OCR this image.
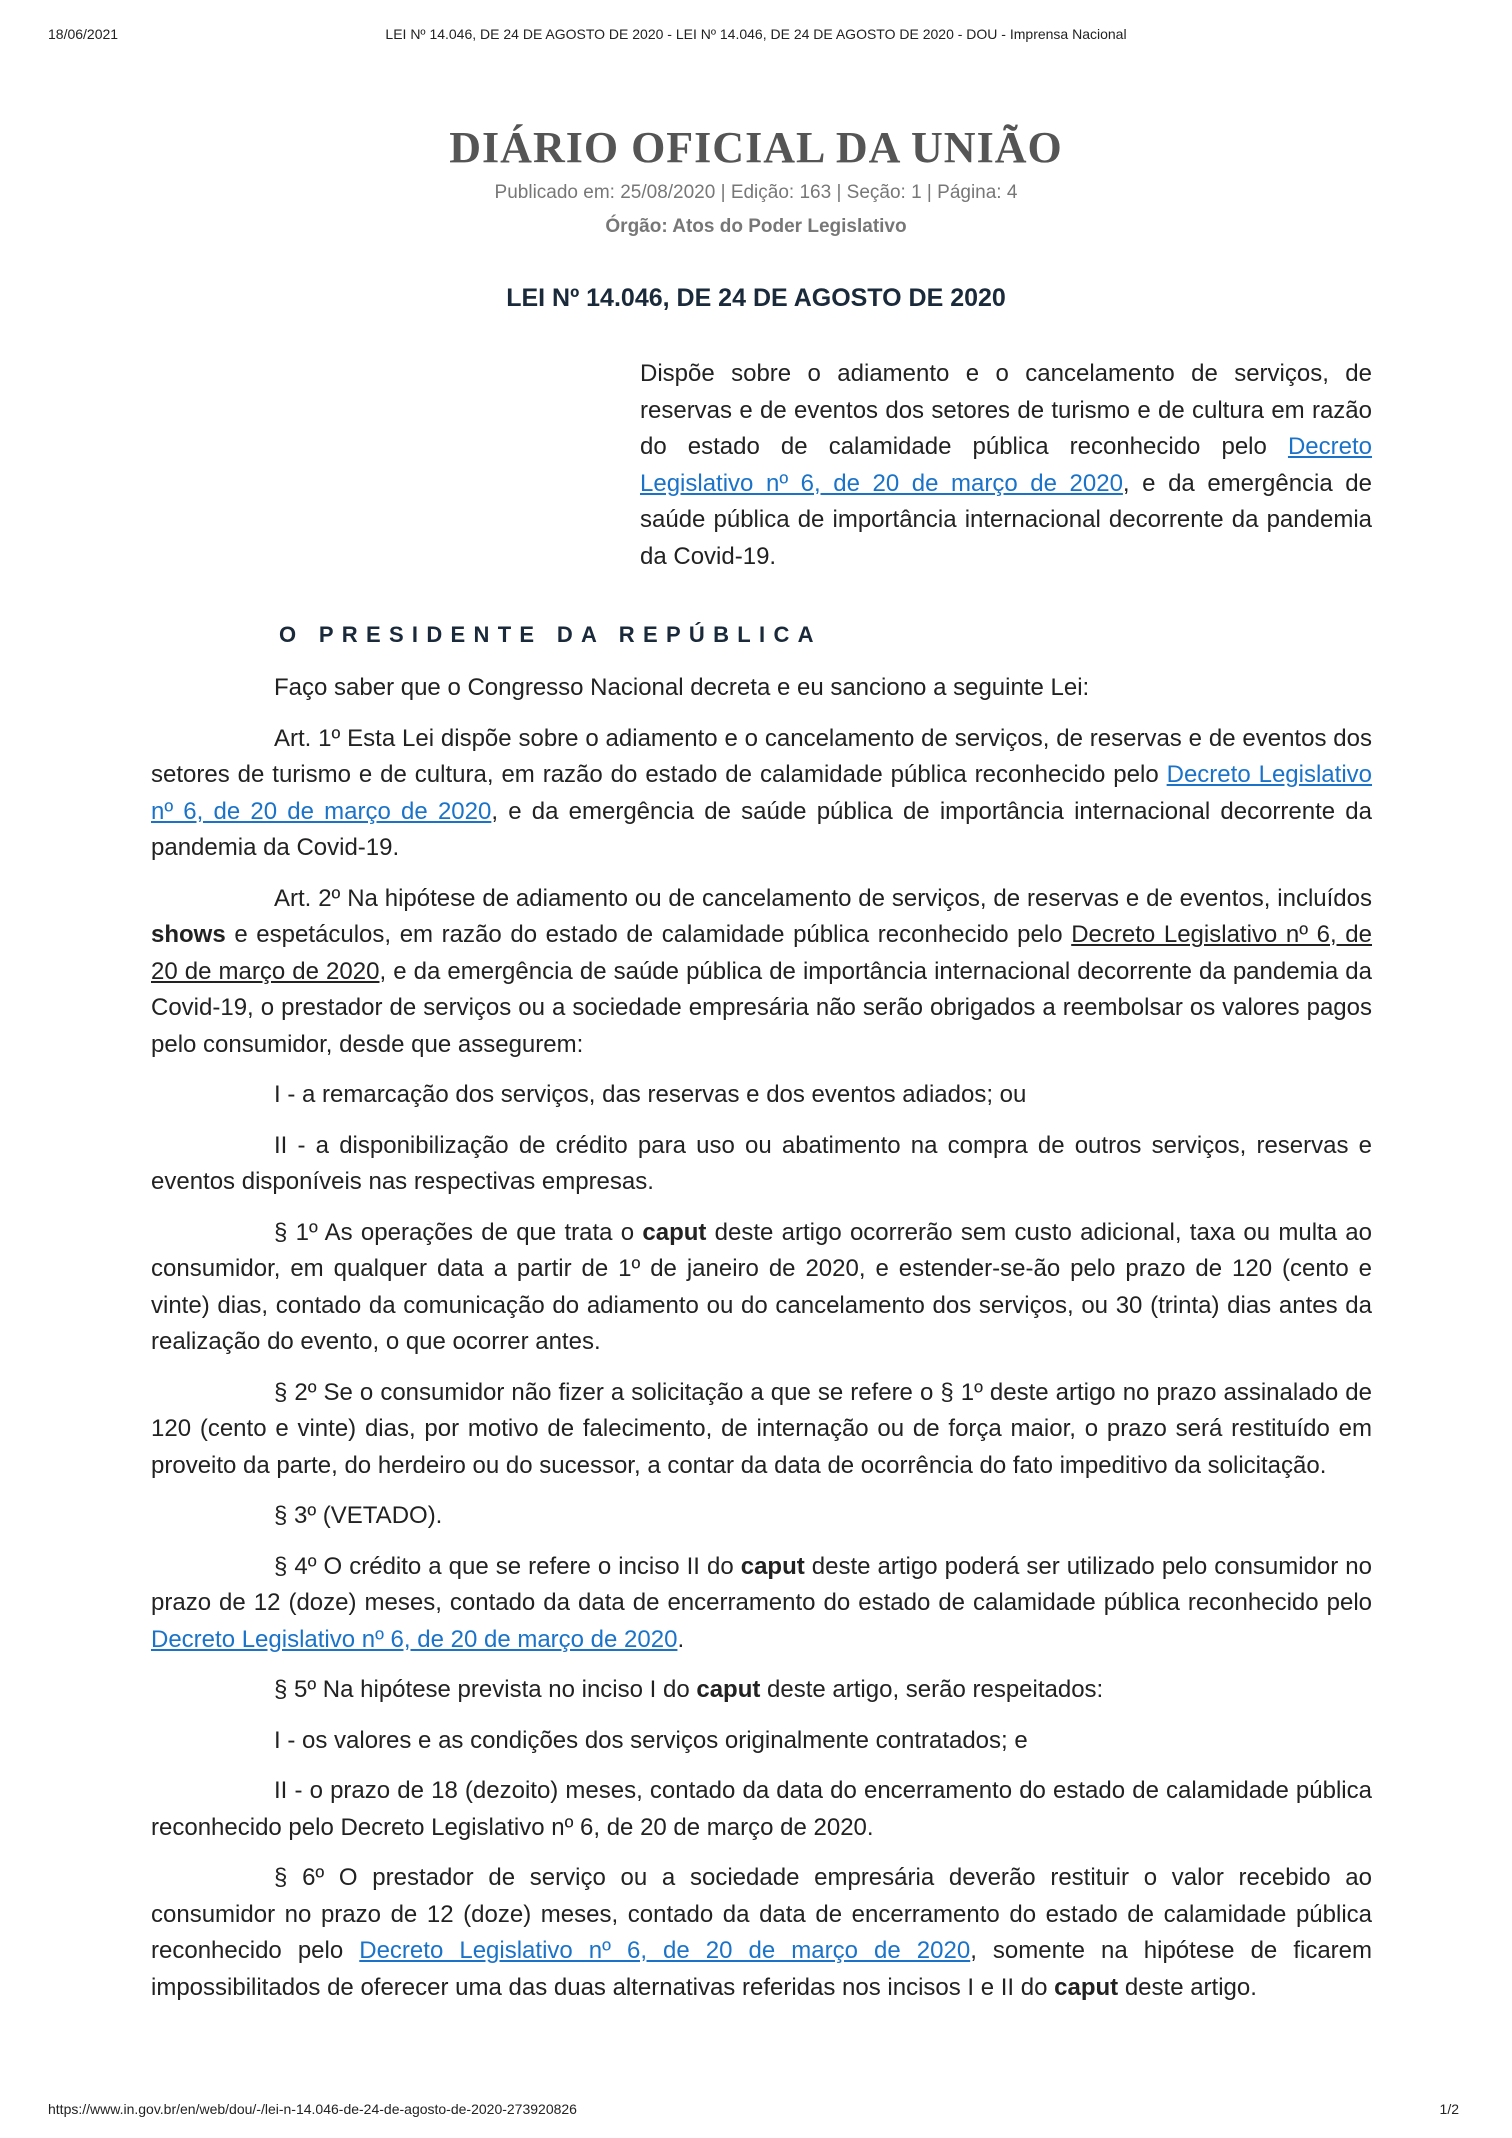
18/06/2021	LEI Nº 14.046, DE 24 DE AGOSTO DE 2020 - LEI Nº 14.046, DE 24 DE AGOSTO DE 2020 - DOU - Imprensa Nacional
DIÁRIO OFICIAL DA UNIÃO
Publicado em: 25/08/2020 | Edição: 163 | Seção: 1 | Página: 4
Órgão: Atos do Poder Legislativo
LEI Nº 14.046, DE 24 DE AGOSTO DE 2020

Dispõe sobre o adiamento e o cancelamento de serviços, de reservas e de eventos dos setores de turismo e de cultura em razão do estado de calamidade pública reconhecido pelo Decreto Legislativo nº 6, de 20 de março de 2020, e da emergência de saúde pública de importância internacional decorrente da pandemia da Covid-19.

O PRESIDENTE DA REPÚBLICA

Faço saber que o Congresso Nacional decreta e eu sanciono a seguinte Lei:

Art. 1º Esta Lei dispõe sobre o adiamento e o cancelamento de serviços, de reservas e de eventos dos setores de turismo e de cultura, em razão do estado de calamidade pública reconhecido pelo Decreto Legislativo nº 6, de 20 de março de 2020, e da emergência de saúde pública de importância internacional decorrente da pandemia da Covid-19.

Art. 2º Na hipótese de adiamento ou de cancelamento de serviços, de reservas e de eventos, incluídos shows e espetáculos, em razão do estado de calamidade pública reconhecido pelo Decreto Legislativo nº 6, de 20 de março de 2020, e da emergência de saúde pública de importância internacional decorrente da pandemia da Covid-19, o prestador de serviços ou a sociedade empresária não serão obrigados a reembolsar os valores pagos pelo consumidor, desde que assegurem:

I - a remarcação dos serviços, das reservas e dos eventos adiados; ou

II - a disponibilização de crédito para uso ou abatimento na compra de outros serviços, reservas e eventos disponíveis nas respectivas empresas.

§ 1º As operações de que trata o caput deste artigo ocorrerão sem custo adicional, taxa ou multa ao consumidor, em qualquer data a partir de 1º de janeiro de 2020, e estender-se-ão pelo prazo de 120 (cento e vinte) dias, contado da comunicação do adiamento ou do cancelamento dos serviços, ou 30 (trinta) dias antes da realização do evento, o que ocorrer antes.

§ 2º Se o consumidor não fizer a solicitação a que se refere o § 1º deste artigo no prazo assinalado de 120 (cento e vinte) dias, por motivo de falecimento, de internação ou de força maior, o prazo será restituído em proveito da parte, do herdeiro ou do sucessor, a contar da data de ocorrência do fato impeditivo da solicitação.

§ 3º (VETADO).

§ 4º O crédito a que se refere o inciso II do caput deste artigo poderá ser utilizado pelo consumidor no prazo de 12 (doze) meses, contado da data de encerramento do estado de calamidade pública reconhecido pelo Decreto Legislativo nº 6, de 20 de março de 2020.

§ 5º Na hipótese prevista no inciso I do caput deste artigo, serão respeitados:

I - os valores e as condições dos serviços originalmente contratados; e

II - o prazo de 18 (dezoito) meses, contado da data do encerramento do estado de calamidade pública reconhecido pelo Decreto Legislativo nº 6, de 20 de março de 2020.

§ 6º O prestador de serviço ou a sociedade empresária deverão restituir o valor recebido ao consumidor no prazo de 12 (doze) meses, contado da data de encerramento do estado de calamidade pública reconhecido pelo Decreto Legislativo nº 6, de 20 de março de 2020, somente na hipótese de ficarem impossibilitados de oferecer uma das duas alternativas referidas nos incisos I e II do caput deste artigo.

https://www.in.gov.br/en/web/dou/-/lei-n-14.046-de-24-de-agosto-de-2020-273920826	1/2
